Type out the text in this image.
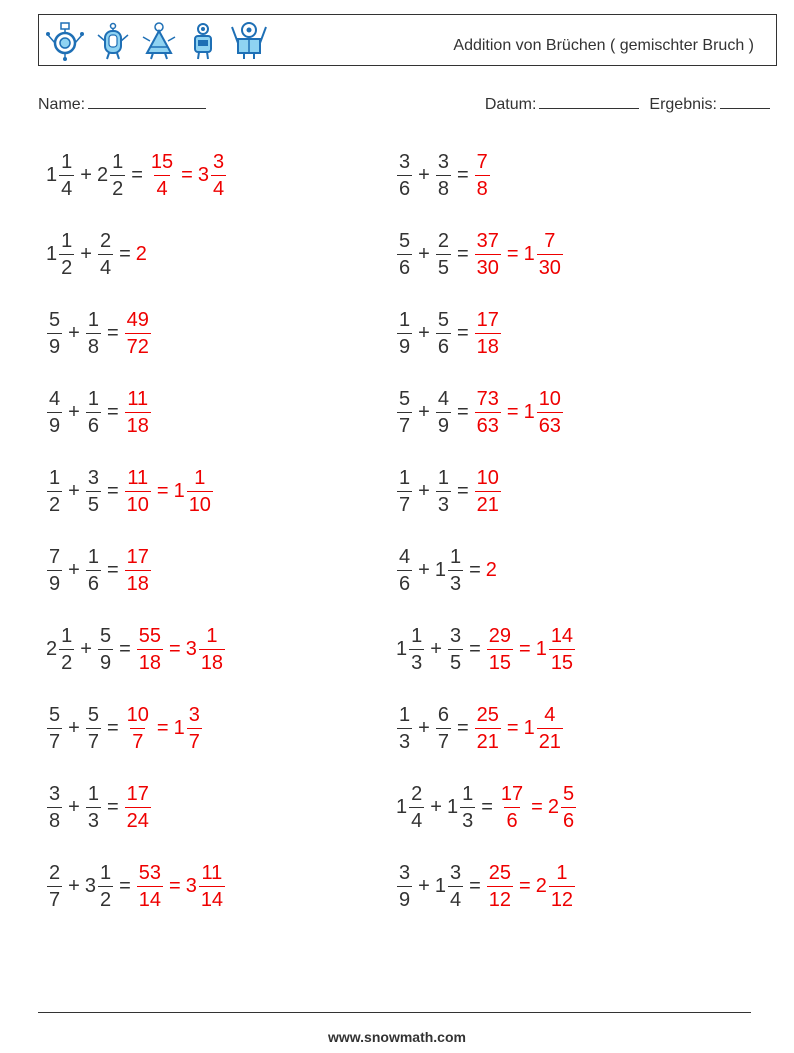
Addition von Brüchen ( gemischter Bruch )
Name:	Datum:	Ergebnis:
$1 \frac{1}{4} + 2 \frac{1}{2} = \frac{15}{4} = 3 \frac{3}{4}$	$\frac{3}{6} + \frac{3}{8} = \frac{7}{8}$
$1 \frac{1}{2} + \frac{2}{4} = 2$	$\frac{5}{6} + \frac{2}{5} = \frac{37}{30} = 1 \frac{7}{30}$
$\frac{5}{9} + \frac{1}{8} = \frac{49}{72}$	$\frac{1}{9} + \frac{5}{6} = \frac{17}{18}$
$\frac{4}{9} + \frac{1}{6} = \frac{11}{18}$	$\frac{5}{7} + \frac{4}{9} = \frac{73}{63} = 1 \frac{10}{63}$
$\frac{1}{2} + \frac{3}{5} = \frac{11}{10} = 1 \frac{1}{10}$	$\frac{1}{7} + \frac{1}{3} = \frac{10}{21}$
$\frac{7}{9} + \frac{1}{6} = \frac{17}{18}$	$\frac{4}{6} + 1 \frac{1}{3} = 2$
$2 \frac{1}{2} + \frac{5}{9} = \frac{55}{18} = 3 \frac{1}{18}$	$1 \frac{1}{3} + \frac{3}{5} = \frac{29}{15} = 1 \frac{14}{15}$
$\frac{5}{7} + \frac{5}{7} = \frac{10}{7} = 1 \frac{3}{7}$	$\frac{1}{3} + \frac{6}{7} = \frac{25}{21} = 1 \frac{4}{21}$
$\frac{3}{8} + \frac{1}{3} = \frac{17}{24}$	$1 \frac{2}{4} + 1 \frac{1}{3} = \frac{17}{6} = 2 \frac{5}{6}$
$\frac{2}{7} + 3 \frac{1}{2} = \frac{53}{14} = 3 \frac{11}{14}$	$\frac{3}{9} + 1 \frac{3}{4} = \frac{25}{12} = 2 \frac{1}{12}$
www.snowmath.com
